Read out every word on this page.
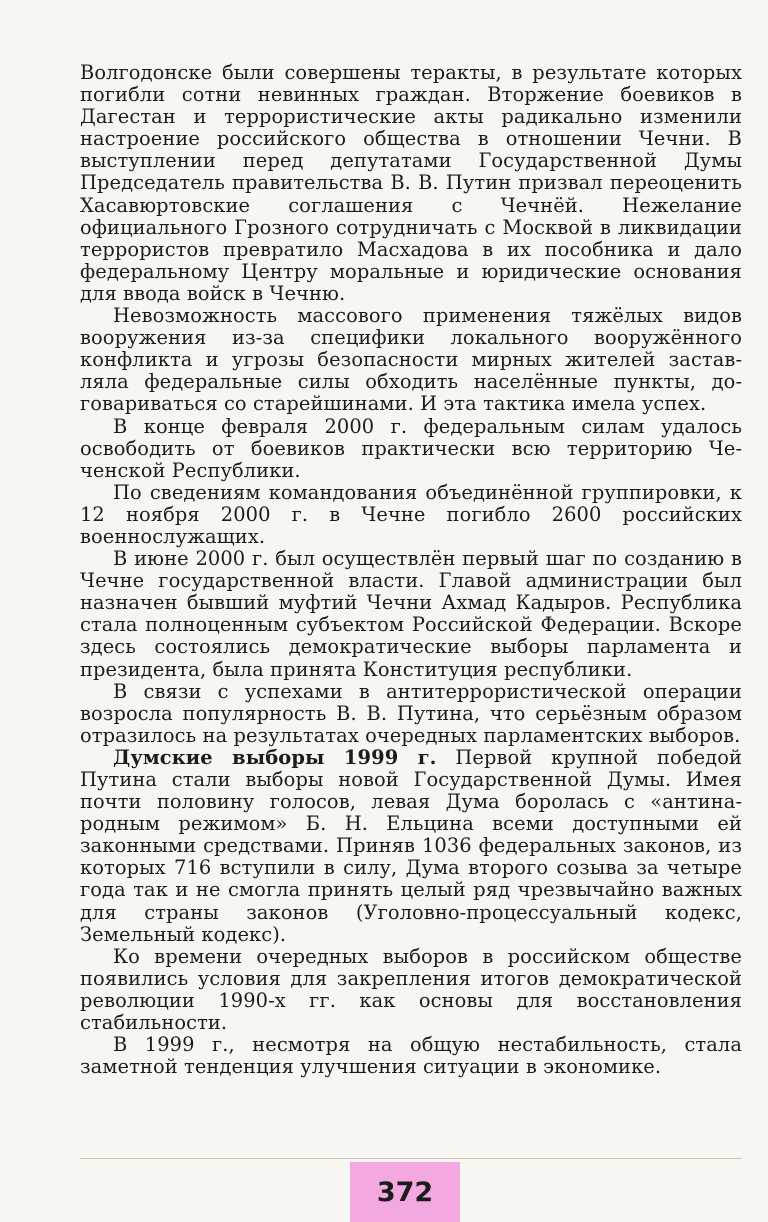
Волгодонске были совершены теракты, в результате которых погибли сотни невинных граждан. Вторжение боевиков в Дагестан и террористические акты радикально изменили настроение российского общества в отношении Чечни. В выступлении перед депутатами Государственной Думы Председатель правительства В. В. Путин призвал переоценить Хасавюртовские соглашения с Чечнёй. Нежелание официального Грозного сотрудничать с Москвой в ликвидации террористов превратило Масхадова в их пособника и дало федеральному Центру моральные и юридические основания для ввода войск в Чечню.

Невозможность массового применения тяжёлых видов вооружения из-за специфики локального вооружённого конфликта и угрозы безопасности мирных жителей заставляла федеральные силы обходить населённые пункты, договариваться со старейшинами. И эта тактика имела успех.

В конце февраля 2000 г. федеральным силам удалось освободить от боевиков практически всю территорию Чеченской Республики.

По сведениям командования объединённой группировки, к 12 ноября 2000 г. в Чечне погибло 2600 российских военнослужащих.

В июне 2000 г. был осуществлён первый шаг по созданию в Чечне государственной власти. Главой администрации был назначен бывший муфтий Чечни Ахмад Кадыров. Республика стала полноценным субъектом Российской Федерации. Вскоре здесь состоялись демократические выборы парламента и президента, была принята Конституция республики.

В связи с успехами в антитеррористической операции возросла популярность В. В. Путина, что серьёзным образом отразилось на результатах очередных парламентских выборов.

Думские выборы 1999 г. Первой крупной победой Путина стали выборы новой Государственной Думы. Имея почти половину голосов, левая Дума боролась с «антинародным режимом» Б. Н. Ельцина всеми доступными ей законными средствами. Приняв 1036 федеральных законов, из которых 716 вступили в силу, Дума второго созыва за четыре года так и не смогла принять целый ряд чрезвычайно важных для страны законов (Уголовно-процессуальный кодекс, Земельный кодекс).

Ко времени очередных выборов в российском обществе появились условия для закрепления итогов демократической революции 1990-х гг. как основы для восстановления стабильности.

В 1999 г., несмотря на общую нестабильность, стала заметной тенденция улучшения ситуации в экономике.

372
